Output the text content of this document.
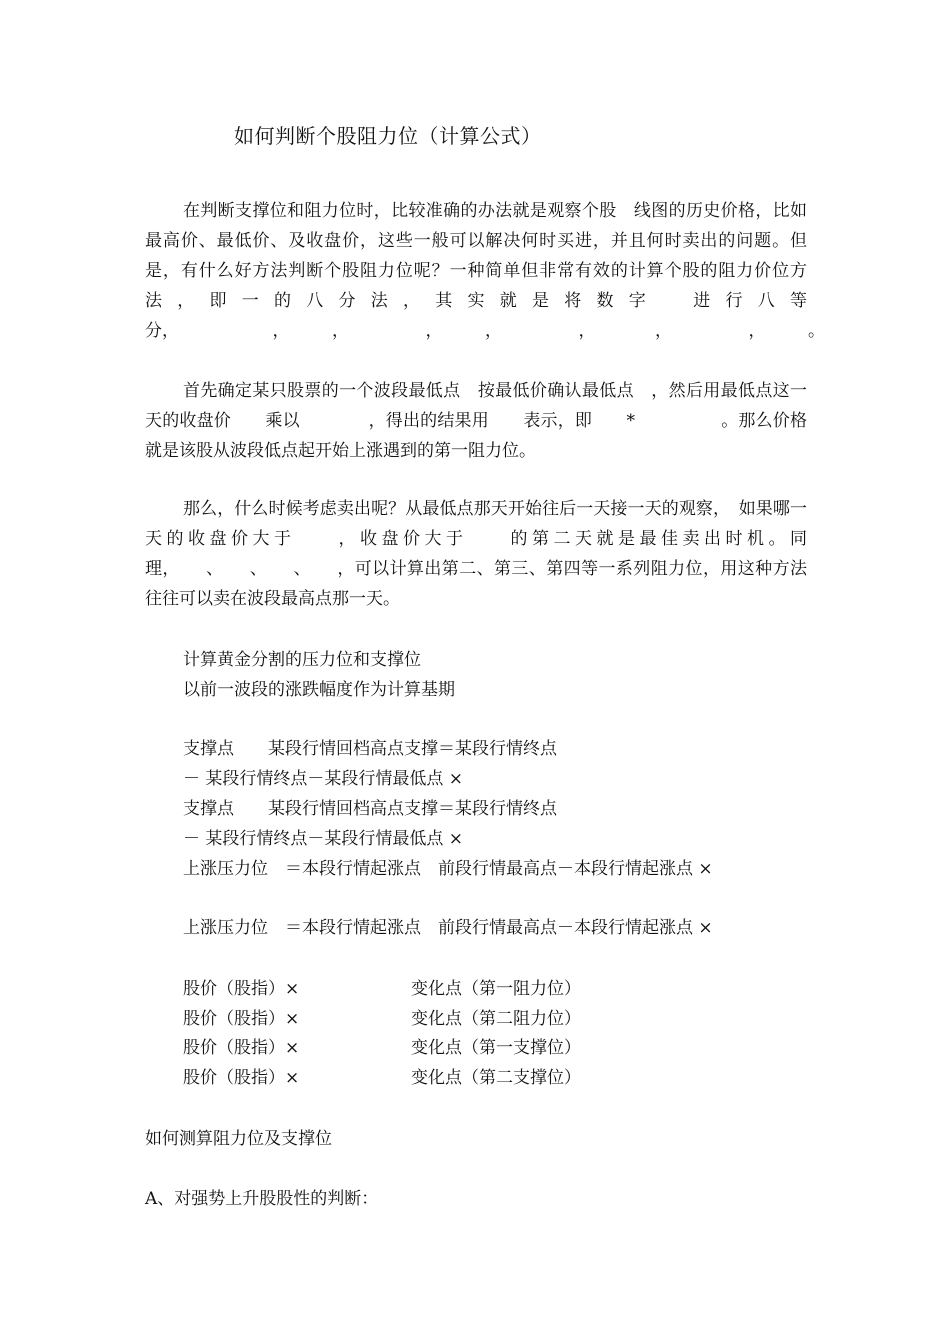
如何判断个股阻力位（计算公式）

在判断支撑位和阻力位时，比较准确的办法就是观察个股　线图的历史价格，比如最高价、最低价、及收盘价，这些一般可以解决何时买进，并且何时卖出的问题。但是，有什么好方法判断个股阻力位呢？一种简单但非常有效的计算个股的阻力价位方法，即一的八分法，其实就是将数字　进行八等分，　　　　　　，　　　，　　　　　，　　　，　　　　　，　　　　，　　　　　，　　　。

首先确定某只股票的一个波段最低点　按最低价确认最低点　，然后用最低点这一天的收盘价　　乘以　　　　，得出的结果用　　表示，即　　*　　　　　。那么价格　　就是该股从波段低点起开始上涨遇到的第一阻力位。

那么，什么时候考虑卖出呢？从最低点那天开始往后一天接一天的观察，　如果哪一天的收盘价大于　　，收盘价大于　　的第二天就是最佳卖出时机。同理，　　、　　、　　、　　，可以计算出第二、第三、第四等一系列阻力位，用这种方法往往可以卖在波段最高点那一天。

计算黄金分割的压力位和支撑位

以前一波段的涨跌幅度作为计算基期

支撑点　　某段行情回档高点支撑＝某段行情终点

－ 某段行情终点－某段行情最低点 ×

支撑点　　某段行情回档高点支撑＝某段行情终点

－ 某段行情终点－某段行情最低点 ×

上涨压力位　＝本段行情起涨点　前段行情最高点－本段行情起涨点 ×

上涨压力位　＝本段行情起涨点　前段行情最高点－本段行情起涨点 ×

股价（股指）×	变化点（第一阻力位）

股价（股指）×	变化点（第二阻力位）

股价（股指）×	变化点（第一支撑位）

股价（股指）×	变化点（第二支撑位）

如何测算阻力位及支撑位

A、对强势上升股股性的判断：
